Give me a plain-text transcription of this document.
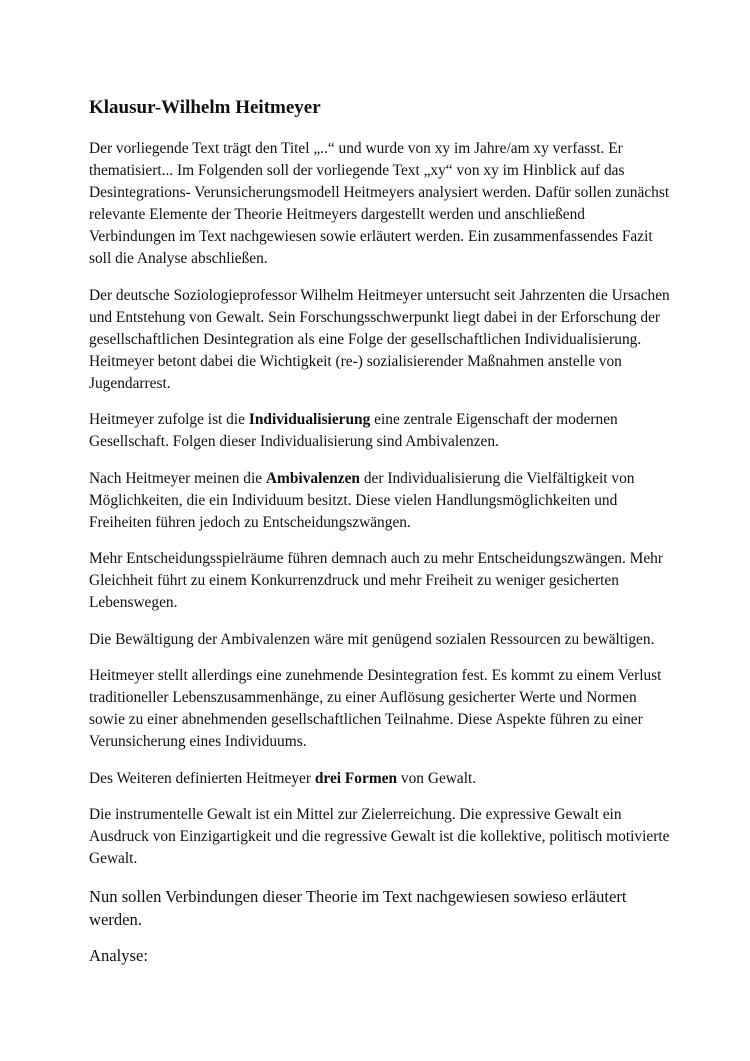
Klausur-Wilhelm Heitmeyer

Der vorliegende Text trägt den Titel „..“ und wurde von xy im Jahre/am xy verfasst. Er thematisiert... Im Folgenden soll der vorliegende Text „xy“ von xy im Hinblick auf das Desintegrations- Verunsicherungsmodell Heitmeyers analysiert werden. Dafür sollen zunächst relevante Elemente der Theorie Heitmeyers dargestellt werden und anschließend Verbindungen im Text nachgewiesen sowie erläutert werden. Ein zusammenfassendes Fazit soll die Analyse abschließen.

Der deutsche Soziologieprofessor Wilhelm Heitmeyer untersucht seit Jahrzenten die Ursachen und Entstehung von Gewalt. Sein Forschungsschwerpunkt liegt dabei in der Erforschung der gesellschaftlichen Desintegration als eine Folge der gesellschaftlichen Individualisierung. Heitmeyer betont dabei die Wichtigkeit (re-) sozialisierender Maßnahmen anstelle von Jugendarrest.

Heitmeyer zufolge ist die Individualisierung eine zentrale Eigenschaft der modernen Gesellschaft. Folgen dieser Individualisierung sind Ambivalenzen.

Nach Heitmeyer meinen die Ambivalenzen der Individualisierung die Vielfältigkeit von Möglichkeiten, die ein Individuum besitzt. Diese vielen Handlungsmöglichkeiten und Freiheiten führen jedoch zu Entscheidungszwängen.

Mehr Entscheidungsspielräume führen demnach auch zu mehr Entscheidungszwängen. Mehr Gleichheit führt zu einem Konkurrenzdruck und mehr Freiheit zu weniger gesicherten Lebenswegen.

Die Bewältigung der Ambivalenzen wäre mit genügend sozialen Ressourcen zu bewältigen.

Heitmeyer stellt allerdings eine zunehmende Desintegration fest. Es kommt zu einem Verlust traditioneller Lebenszusammenhänge, zu einer Auflösung gesicherter Werte und Normen sowie zu einer abnehmenden gesellschaftlichen Teilnahme. Diese Aspekte führen zu einer Verunsicherung eines Individuums.

Des Weiteren definierten Heitmeyer drei Formen von Gewalt.

Die instrumentelle Gewalt ist ein Mittel zur Zielerreichung. Die expressive Gewalt ein Ausdruck von Einzigartigkeit und die regressive Gewalt ist die kollektive, politisch motivierte Gewalt.

Nun sollen Verbindungen dieser Theorie im Text nachgewiesen sowieso erläutert werden.

Analyse:
